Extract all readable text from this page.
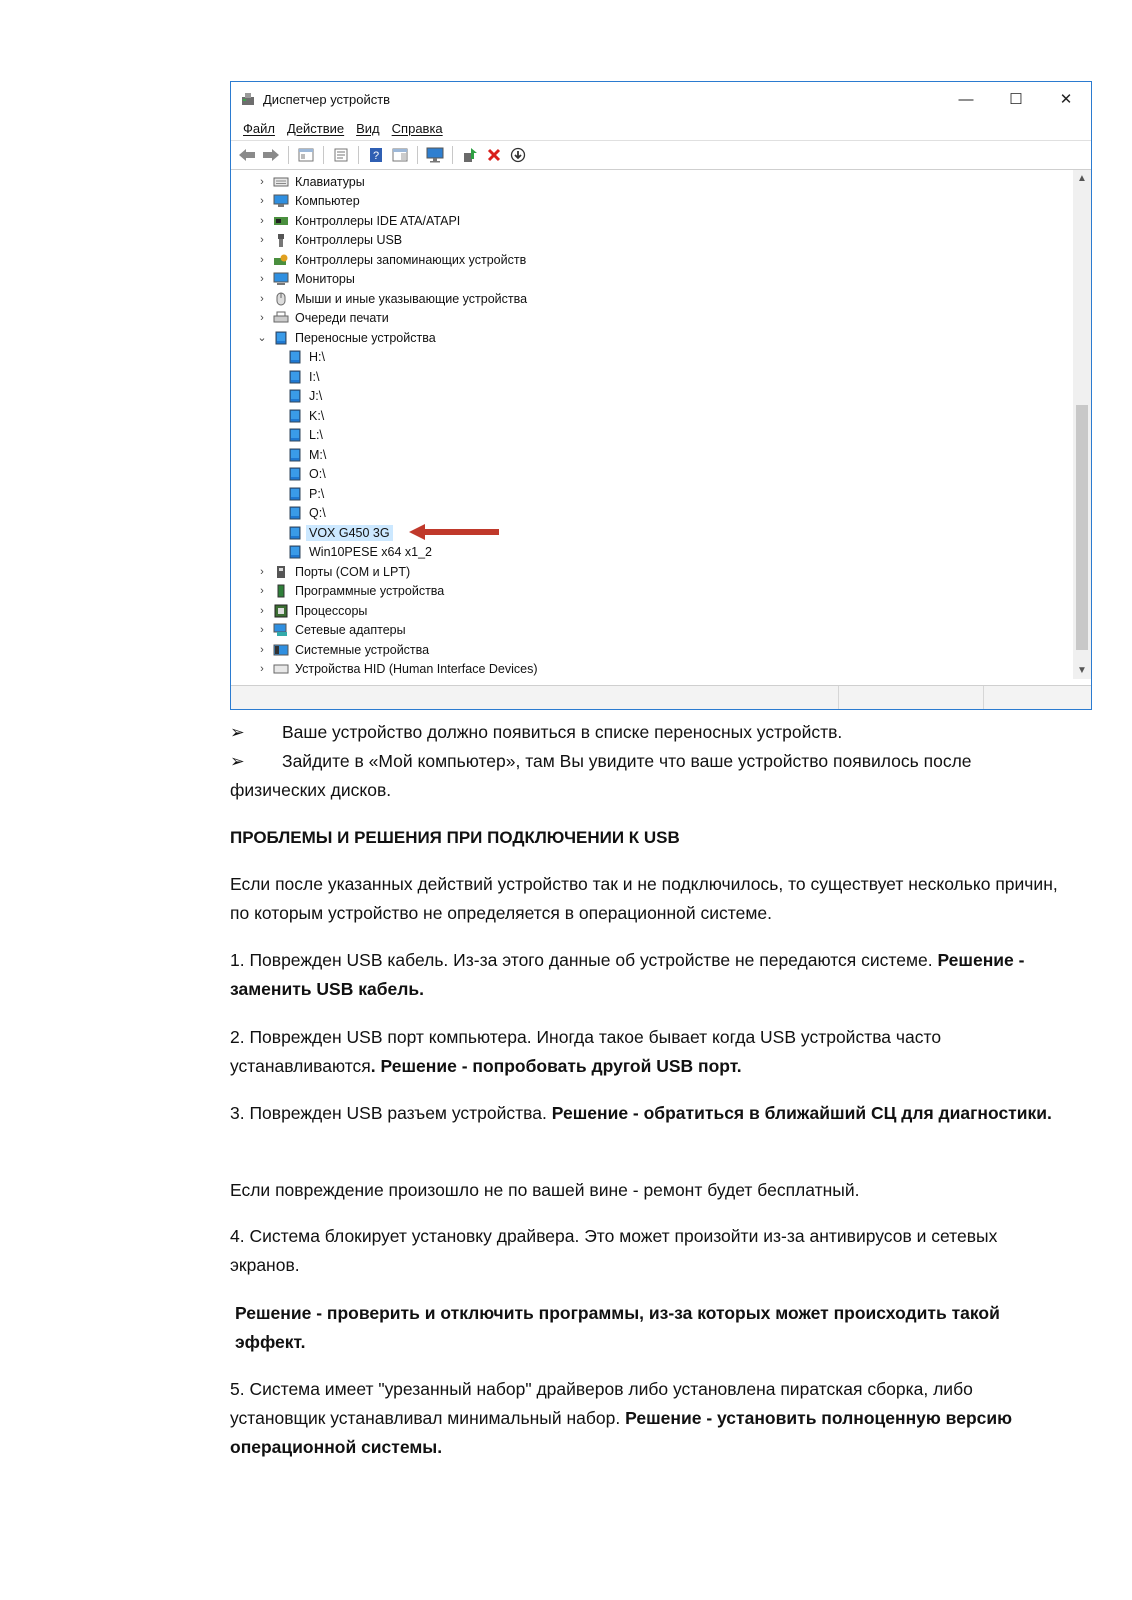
Диспетчер устройств	— ☐ ✕
Файл Действие Вид Справка
?
›	Клавиатуры
›	Компьютер
›	Контроллеры IDE ATA/ATAPI
›	Контроллеры USB
›	Контроллеры запоминающих устройств
›	Мониторы
›	Мыши и иные указывающие устройства
›	Очереди печати
⌄ Переносные устройства
H:\
I:\
J:\
K:\
L:\
M:\
O:\
P:\
Q:\
VOX G450 3G
Win10PESE x64 x1_2
›	Порты (COM и LPT)
›	Программные устройства
›	Процессоры
›	Сетевые адаптеры
›	Системные устройства
›	Устройства HID (Human Interface Devices)
▲
▼
➢	Ваше устройство должно появиться в списке переносных устройств.
➢	Зайдите в «Мой компьютер», там Вы увидите что ваше устройство появилось после
физических дисков.
ПРОБЛЕМЫ И РЕШЕНИЯ ПРИ ПОДКЛЮЧЕНИИ К USB
Если после указанных действий устройство так и не подключилось, то существует несколько причин, по которым устройство не определяется в операционной системе.
1. Поврежден USB кабель. Из-за этого данные об устройстве не передаются системе. Решение - заменить USB кабель.
2. Поврежден USB порт компьютера. Иногда такое бывает когда USB устройства часто устанавливаются. Решение - попробовать другой USB порт.
3. Поврежден USB разъем устройства. Решение - обратиться в ближайший СЦ для диагностики.
Если повреждение произошло не по вашей вине - ремонт будет бесплатный.
4. Система блокирует установку драйвера. Это может произойти из-за антивирусов и сетевых экранов.
Решение - проверить и отключить программы, из-за которых может происходить такой эффект.
5. Система имеет "урезанный набор" драйверов либо установлена пиратская сборка, либо установщик устанавливал минимальный набор. Решение - установить полноценную версию операционной системы.
